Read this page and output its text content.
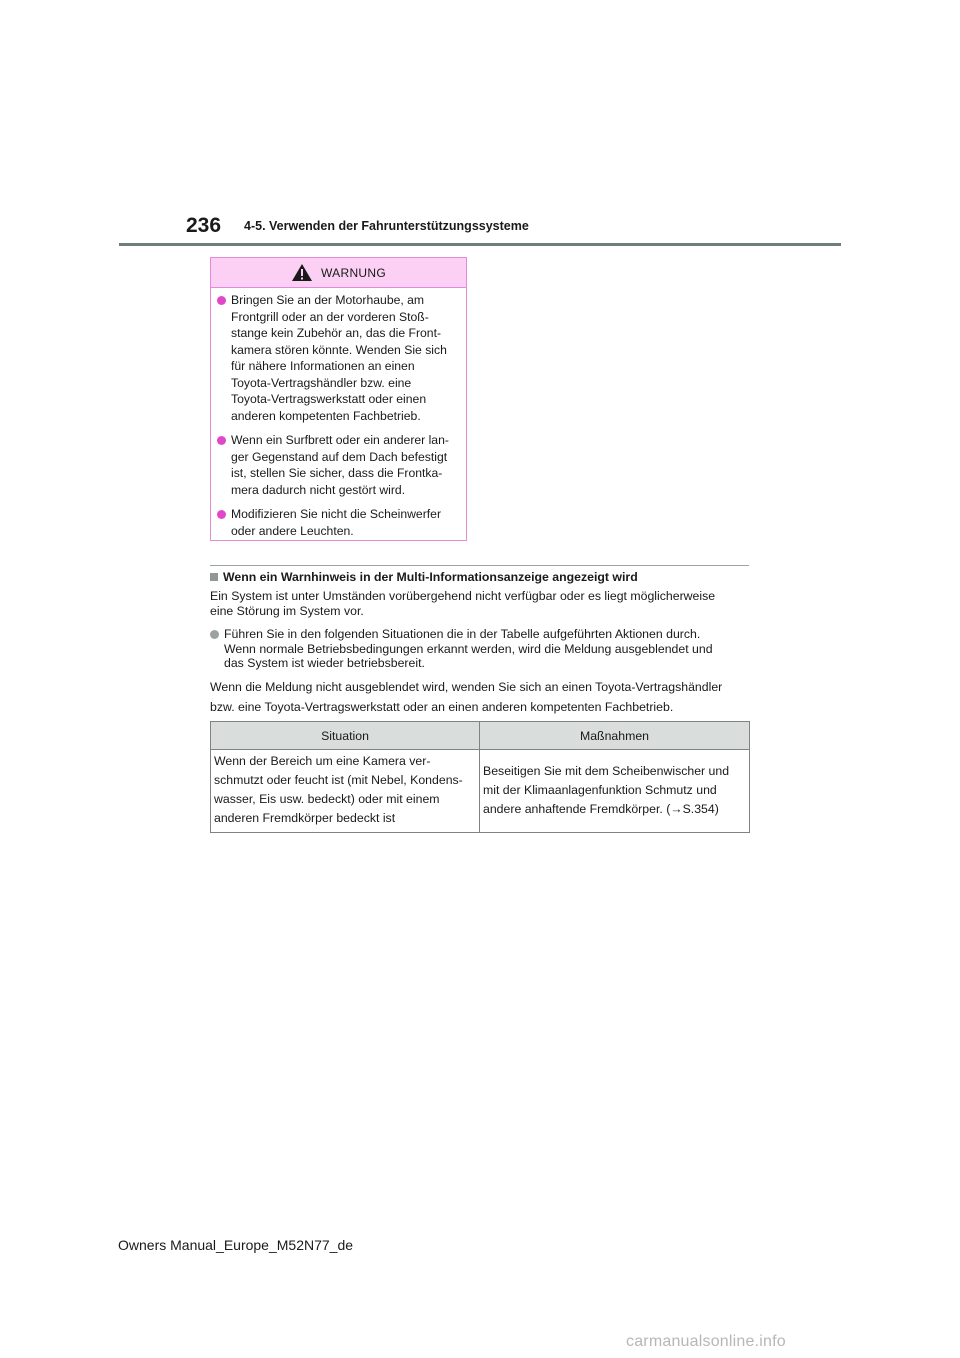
236 4-5. Verwenden der Fahrunterstützungssysteme
WARNUNG
Bringen Sie an der Motorhaube, am
Frontgrill oder an der vorderen Stoß-
stange kein Zubehör an, das die Front-
kamera stören könnte. Wenden Sie sich
für nähere Informationen an einen
Toyota-Vertragshändler bzw. eine
Toyota-Vertragswerkstatt oder einen
anderen kompetenten Fachbetrieb.
Wenn ein Surfbrett oder ein anderer lan-
ger Gegenstand auf dem Dach befestigt
ist, stellen Sie sicher, dass die Frontka-
mera dadurch nicht gestört wird.
Modifizieren Sie nicht die Scheinwerfer
oder andere Leuchten.
Wenn ein Warnhinweis in der Multi-Informationsanzeige angezeigt wird
Ein System ist unter Umständen vorübergehend nicht verfügbar oder es liegt möglicherweise
eine Störung im System vor.
Führen Sie in den folgenden Situationen die in der Tabelle aufgeführten Aktionen durch.
Wenn normale Betriebsbedingungen erkannt werden, wird die Meldung ausgeblendet und
das System ist wieder betriebsbereit.
Wenn die Meldung nicht ausgeblendet wird, wenden Sie sich an einen Toyota-Vertragshändler
bzw. eine Toyota-Vertragswerkstatt oder an einen anderen kompetenten Fachbetrieb.
Situation	Maßnahmen
Wenn der Bereich um eine Kamera ver-
schmutzt oder feucht ist (mit Nebel, Kondens-
wasser, Eis usw. bedeckt) oder mit einem
anderen Fremdkörper bedeckt ist	Beseitigen Sie mit dem Scheibenwischer und
mit der Klimaanlagenfunktion Schmutz und
andere anhaftende Fremdkörper. (→S.354)
Owners Manual_Europe_M52N77_de
carmanualsonline.info
